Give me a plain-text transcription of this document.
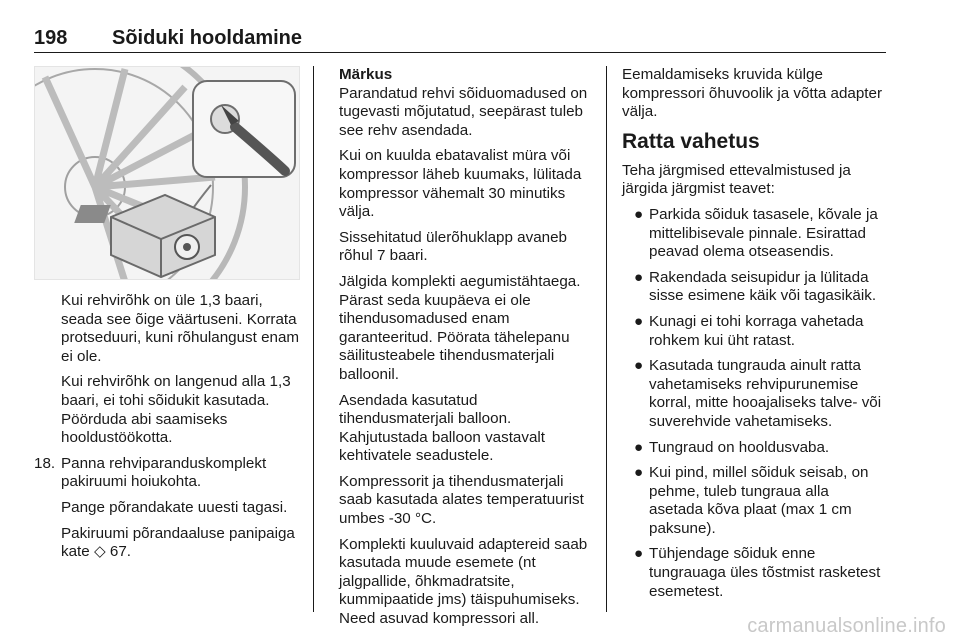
198 Sõiduki hooldamine

Kui rehvirõhk on üle 1,3 baari, seada see õige väärtuseni. Korrata protseduuri, kuni rõhulangust enam ei ole.

Kui rehvirõhk on langenud alla 1,3 baari, ei tohi sõidukit kasutada. Pöörduda abi saamiseks hooldustöökotta.

18. Panna rehviparanduskomplekt pakiruumi hoiukohta.

Pange põrandakate uuesti tagasi.

Pakiruumi põrandaaluse panipaiga kate ◇ 67.

Märkus

Parandatud rehvi sõiduomadused on tugevasti mõjutatud, seepärast tuleb see rehv asendada.

Kui on kuulda ebatavalist müra või kompressor läheb kuumaks, lülitada kompressor vähemalt 30 minutiks välja.

Sissehitatud ülerõhuklapp avaneb rõhul 7 baari.

Jälgida komplekti aegumistähtaega. Pärast seda kuupäeva ei ole tihendusomadused enam garanteeritud. Pöörata tähelepanu säilitusteabele tihendusmaterjali balloonil.

Asendada kasutatud tihendusmaterjali balloon. Kahjutustada balloon vastavalt kehtivatele seadustele.

Kompressorit ja tihendusmaterjali saab kasutada alates temperatuurist umbes -30 °C.

Komplekti kuuluvaid adaptereid saab kasutada muude esemete (nt jalgpallide, õhkmadratsite, kummipaatide jms) täispuhumiseks. Need asuvad kompressori all.

Eemaldamiseks kruvida külge kompressori õhuvoolik ja võtta adapter välja.

Ratta vahetus

Teha järgmised ettevalmistused ja järgida järgmist teavet:

● Parkida sõiduk tasasele, kõvale ja mittelibisevale pinnale. Esirattad peavad olema otseasendis.
● Rakendada seisupidur ja lülitada sisse esimene käik või tagasikäik.
● Kunagi ei tohi korraga vahetada rohkem kui üht ratast.
● Kasutada tungrauda ainult ratta vahetamiseks rehvipurunemise korral, mitte hooajaliseks talve- või suverehvide vahetamiseks.
● Tungraud on hooldusvaba.
● Kui pind, millel sõiduk seisab, on pehme, tuleb tungraua alla asetada kõva plaat (max 1 cm paksune).
● Tühjendage sõiduk enne tungrauaga üles tõstmist rasketest esemetest.
carmanualsonline.info
